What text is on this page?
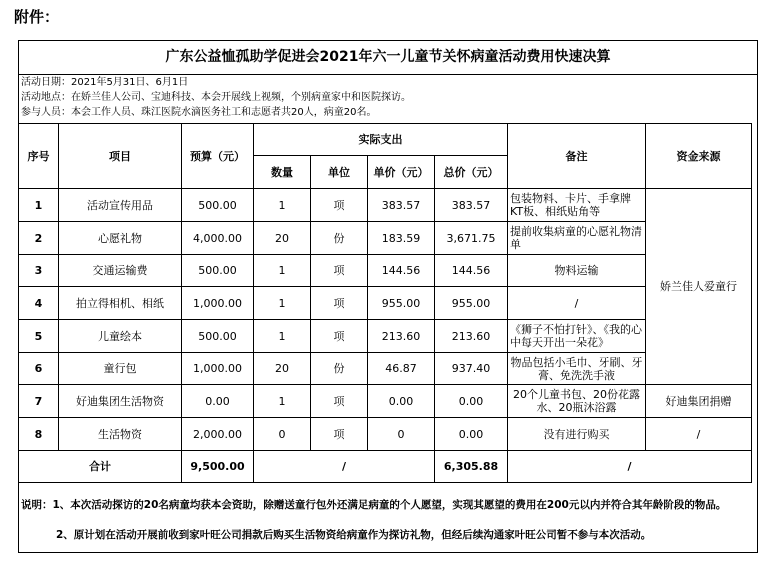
附件：
广东公益恤孤助学促进会2021年六一儿童节关怀病童活动费用快速决算
活动日期：2021年5月31日、6月1日
活动地点：在娇兰佳人公司、宝迪科技、本会开展线上视频，个别病童家中和医院探访。
参与人员：本会工作人员、珠江医院水滴医务社工和志愿者共20人，病童20名。
序号	项目	预算（元）	实际支出				备注	资金来源
			数量	单位	单价（元）	总价（元）		
1	活动宣传用品	500.00	1	项	383.57	383.57	包装物料、卡片、手拿牌KT板、相纸贴角等	娇兰佳人爱童行
2	心愿礼物	4,000.00	20	份	183.59	3,671.75	提前收集病童的心愿礼物清单	
3	交通运输费	500.00	1	项	144.56	144.56	物料运输	
4	拍立得相机、相纸	1,000.00	1	项	955.00	955.00	/	
5	儿童绘本	500.00	1	项	213.60	213.60	《狮子不怕打针》、《我的心中每天开出一朵花》	
6	童行包	1,000.00	20	份	46.87	937.40	物品包括小毛巾、牙刷、牙膏、免洗洗手液	
7	好迪集团生活物资	0.00	1	项	0.00	0.00	20个儿童书包、20份花露水、20瓶沐浴露	好迪集团捐赠
8	生活物资	2,000.00	0	项	0	0.00	没有进行购买	/
合计		9,500.00	/			6,305.88	/	
说明：1、本次活动探访的20名病童均获本会资助，除赠送童行包外还满足病童的个人愿望，实现其愿望的费用在200元以内并符合其年龄阶段的物品。
2、原计划在活动开展前收到家叶旺公司捐款后购买生活物资给病童作为探访礼物，但经后续沟通家叶旺公司暂不参与本次活动。
